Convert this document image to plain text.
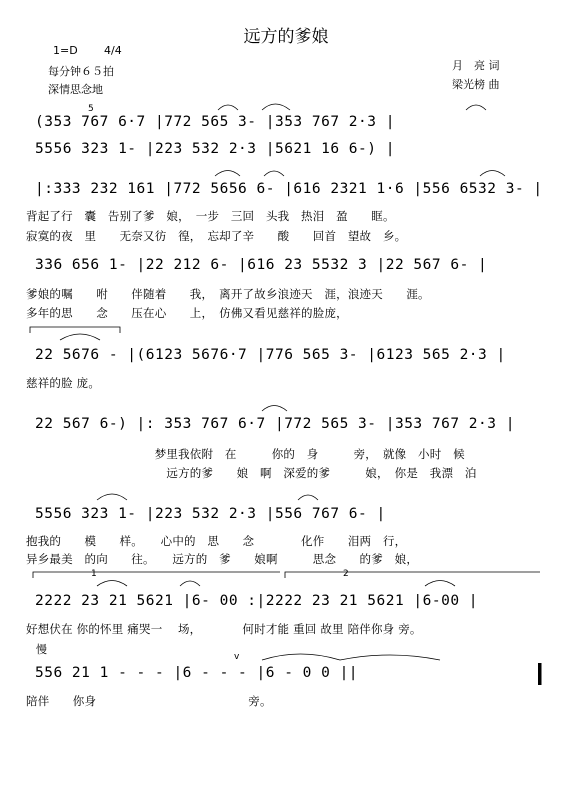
远方的爹娘
1=D 4/4
每分钟６５拍
深情思念地
月　亮 词
梁光榜 曲
(353 767 6·7 |772 565 3- |353 767 2·3 |
5556 323 1- |223 532 2·3 |5621 16 6-) |
|:333 232 161 |772 5656 6- |616 2321 1·6 |556 6532 3- |
背起了行　囊　告别了爹　娘，　一步　三回　头我　热泪　盈　　眶。
寂寞的夜　里　　无奈又彷　徨，　忘却了辛　　酸　　回首　望故　乡。
336 656 1- |22 212 6- |616 23 5532 3 |22 567 6- |
爹娘的嘱　　咐　　伴随着　　我，　离开了故乡浪迹天　涯，浪迹天　　涯。
多年的思　　念　　压在心　　上，　仿佛又看见慈祥的脸庞，
22 5676 - |(6123 5676·7 |776 565 3- |6123 565 2·3 |
慈祥的脸 庞。
22 567 6-) |: 353 767 6·7 |772 565 3- |353 767 2·3 |
　　　　　　　　　　　梦里我依附　在　　　你的　身　　　旁，　就像　小时　候
　　　　　　　　　　　　远方的爹　　娘　啊　深爱的爹　　　娘，　你是　我漂　泊
5556 323 1- |223 532 2·3 |556 767 6- |
抱我的　　模　　样。　　心中的　思　　念　　　　化作　　泪两　行，
异乡最美　的向　　往。　　远方的　爹　　娘啊　　　思念　　的爹　娘，
1	2
2222 23 21 5621 |6- 00 :|2222 23 21 5621 |6-00 |
好想伏在 你的怀里 痛哭一　 场，　　　　何时才能 重回 故里 陪伴你身 旁。
慢
v
5
556 21 1 - - - |6 - - - |6 - 0 0 ||
陪伴　　你身　　　　　　　　　　　　　旁。
